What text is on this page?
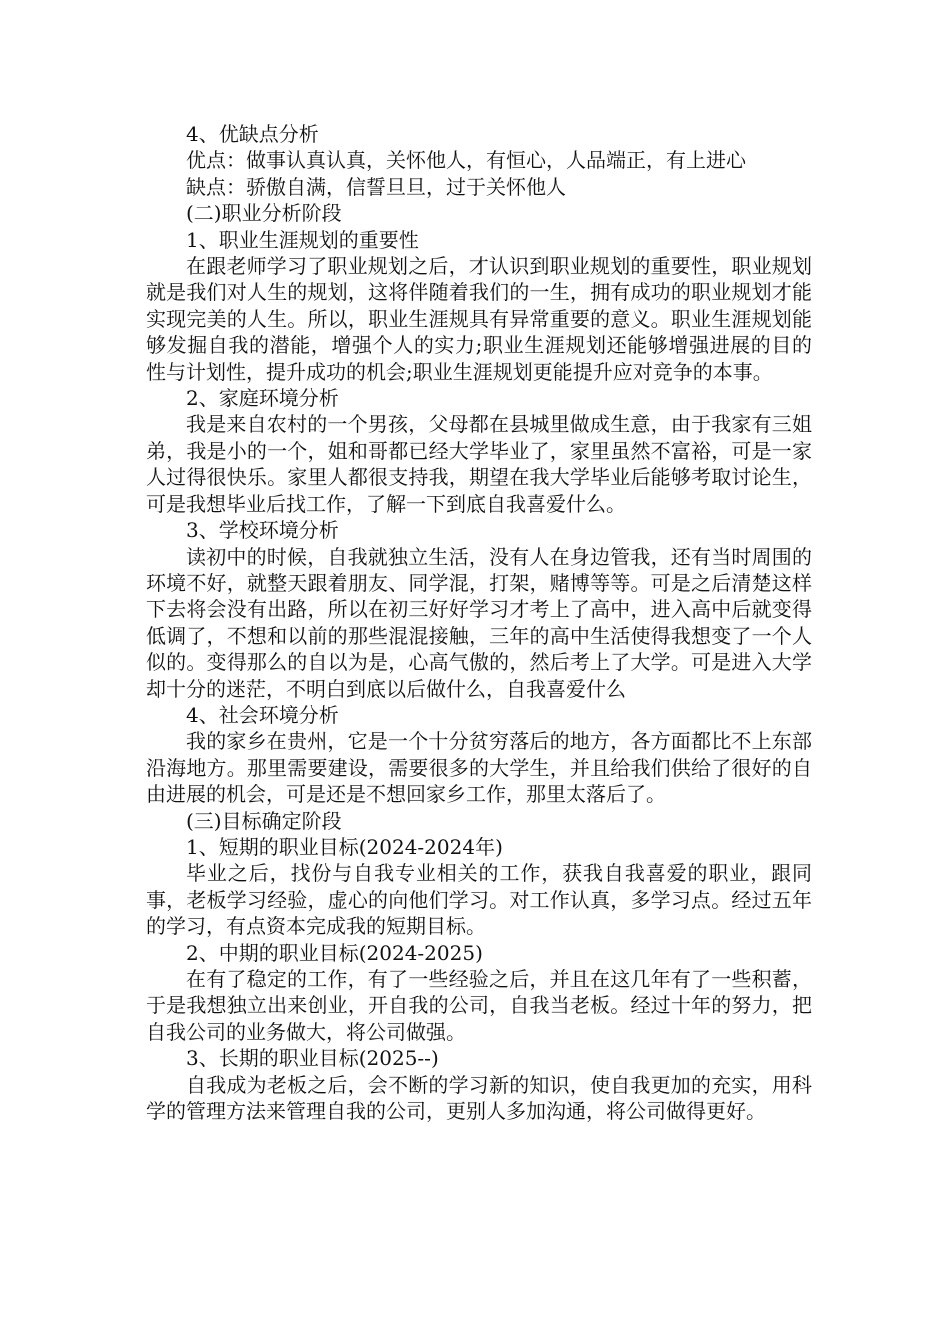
4、优缺点分析

优点：做事认真认真，关怀他人，有恒心，人品端正，有上进心

缺点：骄傲自满，信誓旦旦，过于关怀他人

(二)职业分析阶段

1、职业生涯规划的重要性

在跟老师学习了职业规划之后，才认识到职业规划的重要性，职业规划就是我们对人生的规划，这将伴随着我们的一生，拥有成功的职业规划才能实现完美的人生。所以，职业生涯规具有异常重要的意义。职业生涯规划能够发掘自我的潜能，增强个人的实力;职业生涯规划还能够增强进展的目的性与计划性，提升成功的机会;职业生涯规划更能提升应对竞争的本事。

2、家庭环境分析

我是来自农村的一个男孩，父母都在县城里做成生意，由于我家有三姐弟，我是小的一个，姐和哥都已经大学毕业了，家里虽然不富裕，可是一家人过得很快乐。家里人都很支持我，期望在我大学毕业后能够考取讨论生，可是我想毕业后找工作，了解一下到底自我喜爱什么。

3、学校环境分析

读初中的时候，自我就独立生活，没有人在身边管我，还有当时周围的环境不好，就整天跟着朋友、同学混，打架，赌博等等。可是之后清楚这样下去将会没有出路，所以在初三好好学习才考上了高中，进入高中后就变得低调了，不想和以前的那些混混接触，三年的高中生活使得我想变了一个人似的。变得那么的自以为是，心高气傲的，然后考上了大学。可是进入大学却十分的迷茫，不明白到底以后做什么，自我喜爱什么

4、社会环境分析

我的家乡在贵州，它是一个十分贫穷落后的地方，各方面都比不上东部沿海地方。那里需要建设，需要很多的大学生，并且给我们供给了很好的自由进展的机会，可是还是不想回家乡工作，那里太落后了。

(三)目标确定阶段

1、短期的职业目标(2024-2024年)

毕业之后，找份与自我专业相关的工作，获我自我喜爱的职业，跟同事，老板学习经验，虚心的向他们学习。对工作认真，多学习点。经过五年的学习，有点资本完成我的短期目标。

2、中期的职业目标(2024-2025)

在有了稳定的工作，有了一些经验之后，并且在这几年有了一些积蓄，于是我想独立出来创业，开自我的公司，自我当老板。经过十年的努力，把自我公司的业务做大，将公司做强。

3、长期的职业目标(2025--)

自我成为老板之后，会不断的学习新的知识，使自我更加的充实，用科学的管理方法来管理自我的公司，更别人多加沟通，将公司做得更好。
